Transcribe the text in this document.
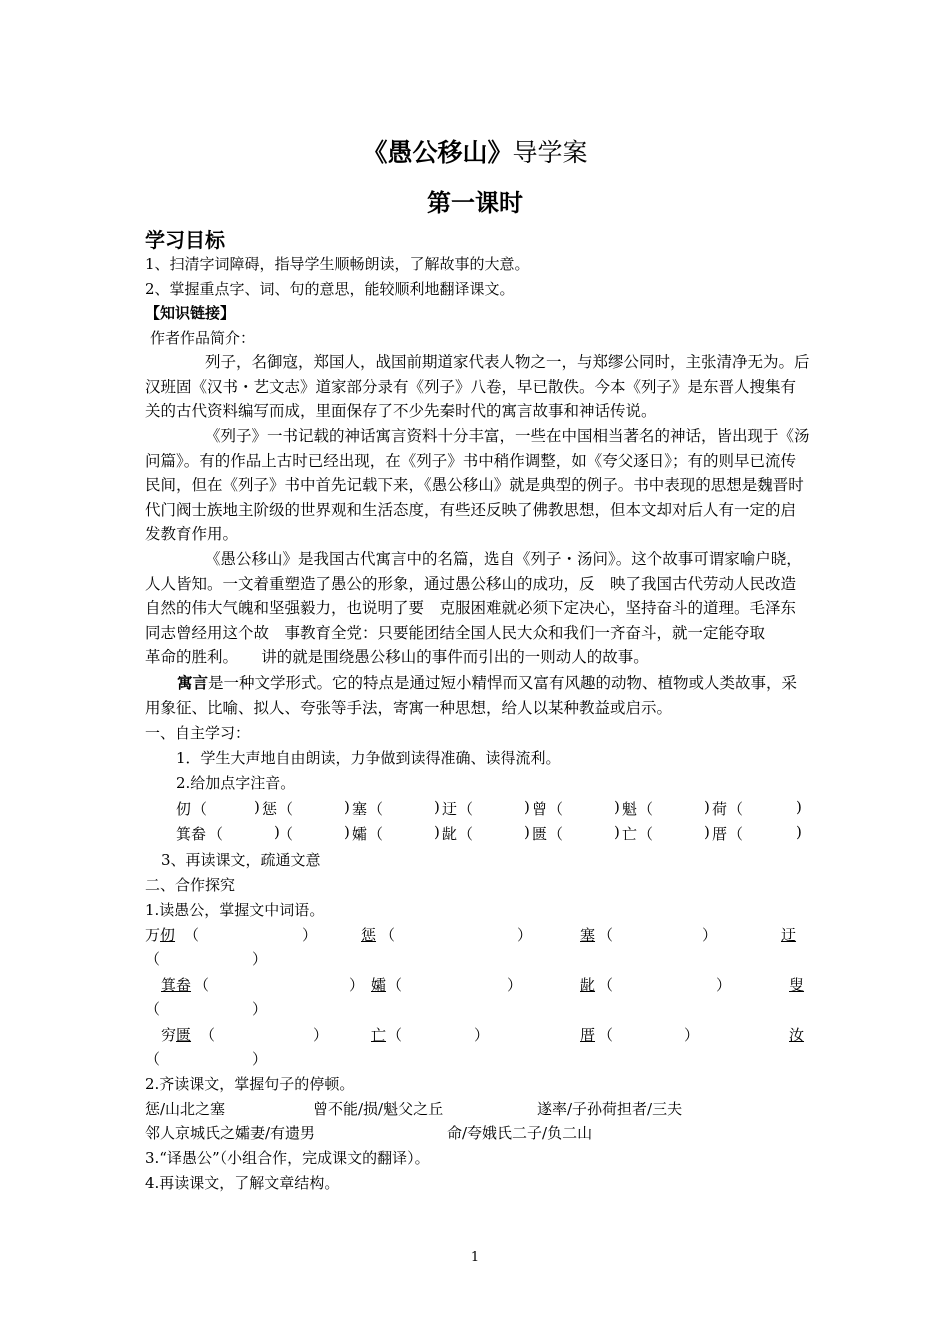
《愚公移山》导学案
第一课时
学习目标
1、扫清字词障碍，指导学生顺畅朗读，了解故事的大意。
2、掌握重点字、词、句的意思，能较顺利地翻译课文。
【知识链接】
作者作品简介：
列子，名御寇，郑国人，战国前期道家代表人物之一，与郑缪公同时，主张清净无为。后汉班固《汉书・艺文志》道家部分录有《列子》八卷，早已散佚。今本《列子》是东晋人搜集有关的古代资料编写而成，里面保存了不少先秦时代的寓言故事和神话传说。
《列子》一书记载的神话寓言资料十分丰富，一些在中国相当著名的神话，皆出现于《汤问篇》。有的作品上古时已经出现，在《列子》书中稍作调整，如《夸父逐日》；有的则早已流传民间，但在《列子》书中首先记载下来，《愚公移山》就是典型的例子。书中表现的思想是魏晋时代门阀士族地主阶级的世界观和生活态度，有些还反映了佛教思想，但本文却对后人有一定的启发教育作用。
《愚公移山》是我国古代寓言中的名篇，选自《列子・汤问》。这个故事可谓家喻户晓，人人皆知。一文着重塑造了愚公的形象，通过愚公移山的成功，反　映了我国古代劳动人民改造自然的伟大气魄和坚强毅力，也说明了要　克服困难就必须下定决心，坚持奋斗的道理。毛泽东同志曾经用这个故　事教育全党：只要能团结全国人民大众和我们一齐奋斗，就一定能夺取　　革命的胜利。　　讲的就是围绕愚公移山的事件而引出的一则动人的故事。
寓言是一种文学形式。它的特点是通过短小精悍而又富有风趣的动物、植物或人类故事，采用象征、比喻、拟人、夸张等手法，寄寓一种思想，给人以某种教益或启示。
一、自主学习：
1．学生大声地自由朗读，力争做到读得准确、读得流利。
2.给加点字注音。
仞 （	) 惩 （	) 塞 （	) 迂 （	) 曾 （	) 魁 （	) 荷 （	)
箕畚 （	)
（	) 孀 （	) 龀 （	) 匮 （	) 亡 （	) 厝 （	)
3、再读课文，疏通文意
二、合作探究
1.读愚公，掌握文中词语。
万仞 （	）	惩 （	）	塞 （	）	迂
（	）
箕畚 （	） 孀 （	）	龀 （	）	叟
（	）
穷匮 （	）	亡 （	）	厝 （	）	汝
（	）
2.齐读课文，掌握句子的停顿。
惩/山北之塞	曾不能/损/魁父之丘	遂率/子孙荷担者/三夫
邻人京城氏之孀妻/有遗男	命/夸娥氏二子/负二山
3.“译愚公”（小组合作，完成课文的翻译）。
4.再读课文，了解文章结构。
1
